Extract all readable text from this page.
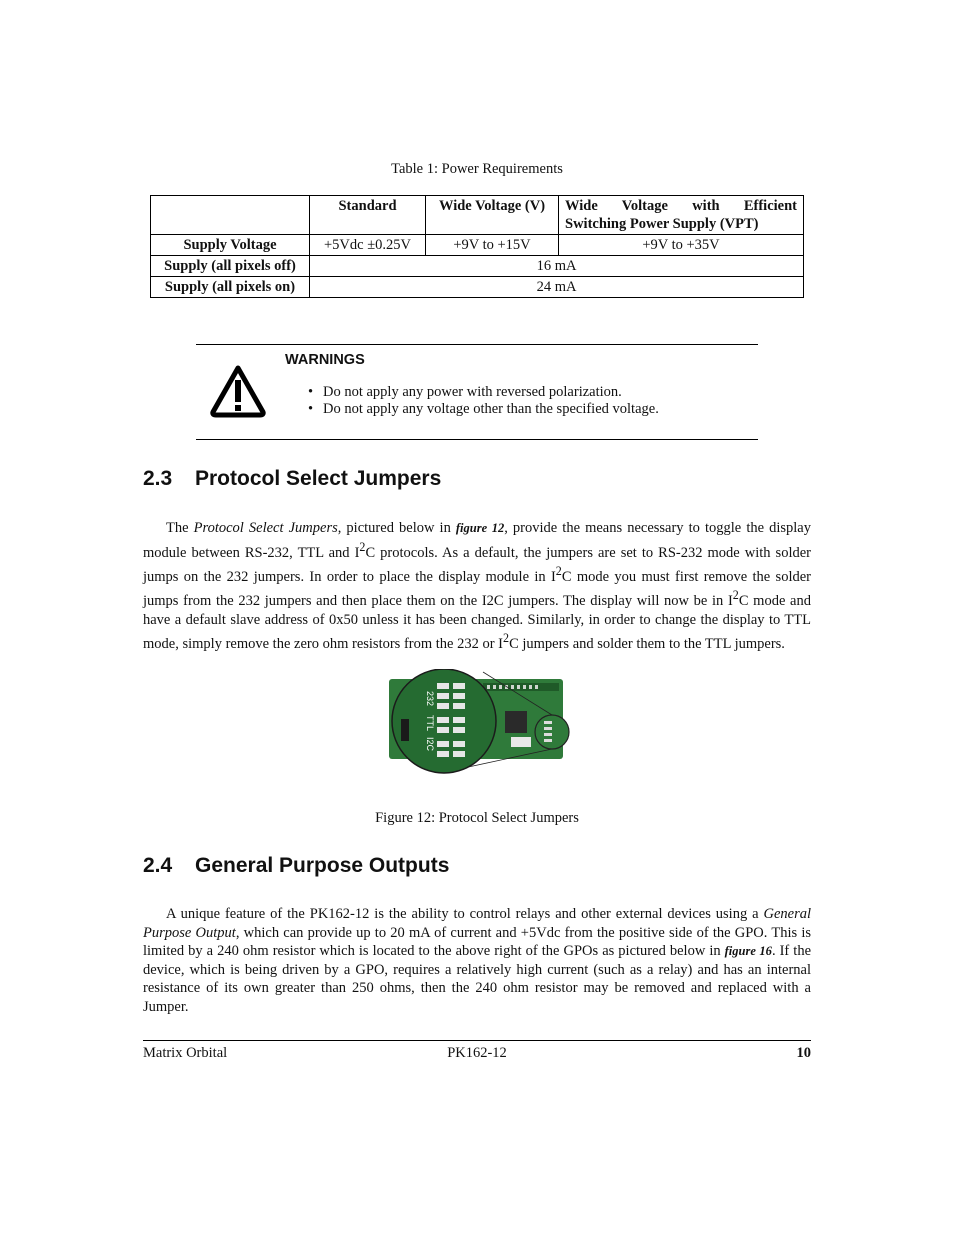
Table 1: Power Requirements
	Standard	Wide Voltage (V)	Wide Voltage with Efficient Switching Power Supply (VPT)
Supply Voltage	+5Vdc ±0.25V	+9V to +15V	+9V to +35V
Supply (all pixels off)	16 mA		
Supply (all pixels on)	24 mA		
WARNINGS
• Do not apply any power with reversed polarization.
• Do not apply any voltage other than the specified voltage.
2.3 Protocol Select Jumpers

The Protocol Select Jumpers, pictured below in figure 12, provide the means necessary to toggle the display module between RS-232, TTL and $I^2C$ protocols. As a default, the jumpers are set to RS-232 mode with solder jumps on the 232 jumpers. In order to place the display module in $I^2C$ mode you must first remove the solder jumps from the 232 jumpers and then place them on the I2C jumpers. The display will now be in $I^2C$ mode and have a default slave address of 0x50 unless it has been changed. Similarly, in order to change the display to TTL mode, simply remove the zero ohm resistors from the 232 or $I^2C$ jumpers and solder them to the TTL jumpers.

232
TTL
I2C
Figure 12: Protocol Select Jumpers
2.4 General Purpose Outputs

A unique feature of the PK162-12 is the ability to control relays and other external devices using a General Purpose Output, which can provide up to 20 mA of current and +5Vdc from the positive side of the GPO. This is limited by a 240 ohm resistor which is located to the above right of the GPOs as pictured below in figure 16. If the device, which is being driven by a GPO, requires a relatively high current (such as a relay) and has an internal resistance of its own greater than 250 ohms, then the 240 ohm resistor may be removed and replaced with a Jumper.

Matrix Orbital	PK162-12	10
